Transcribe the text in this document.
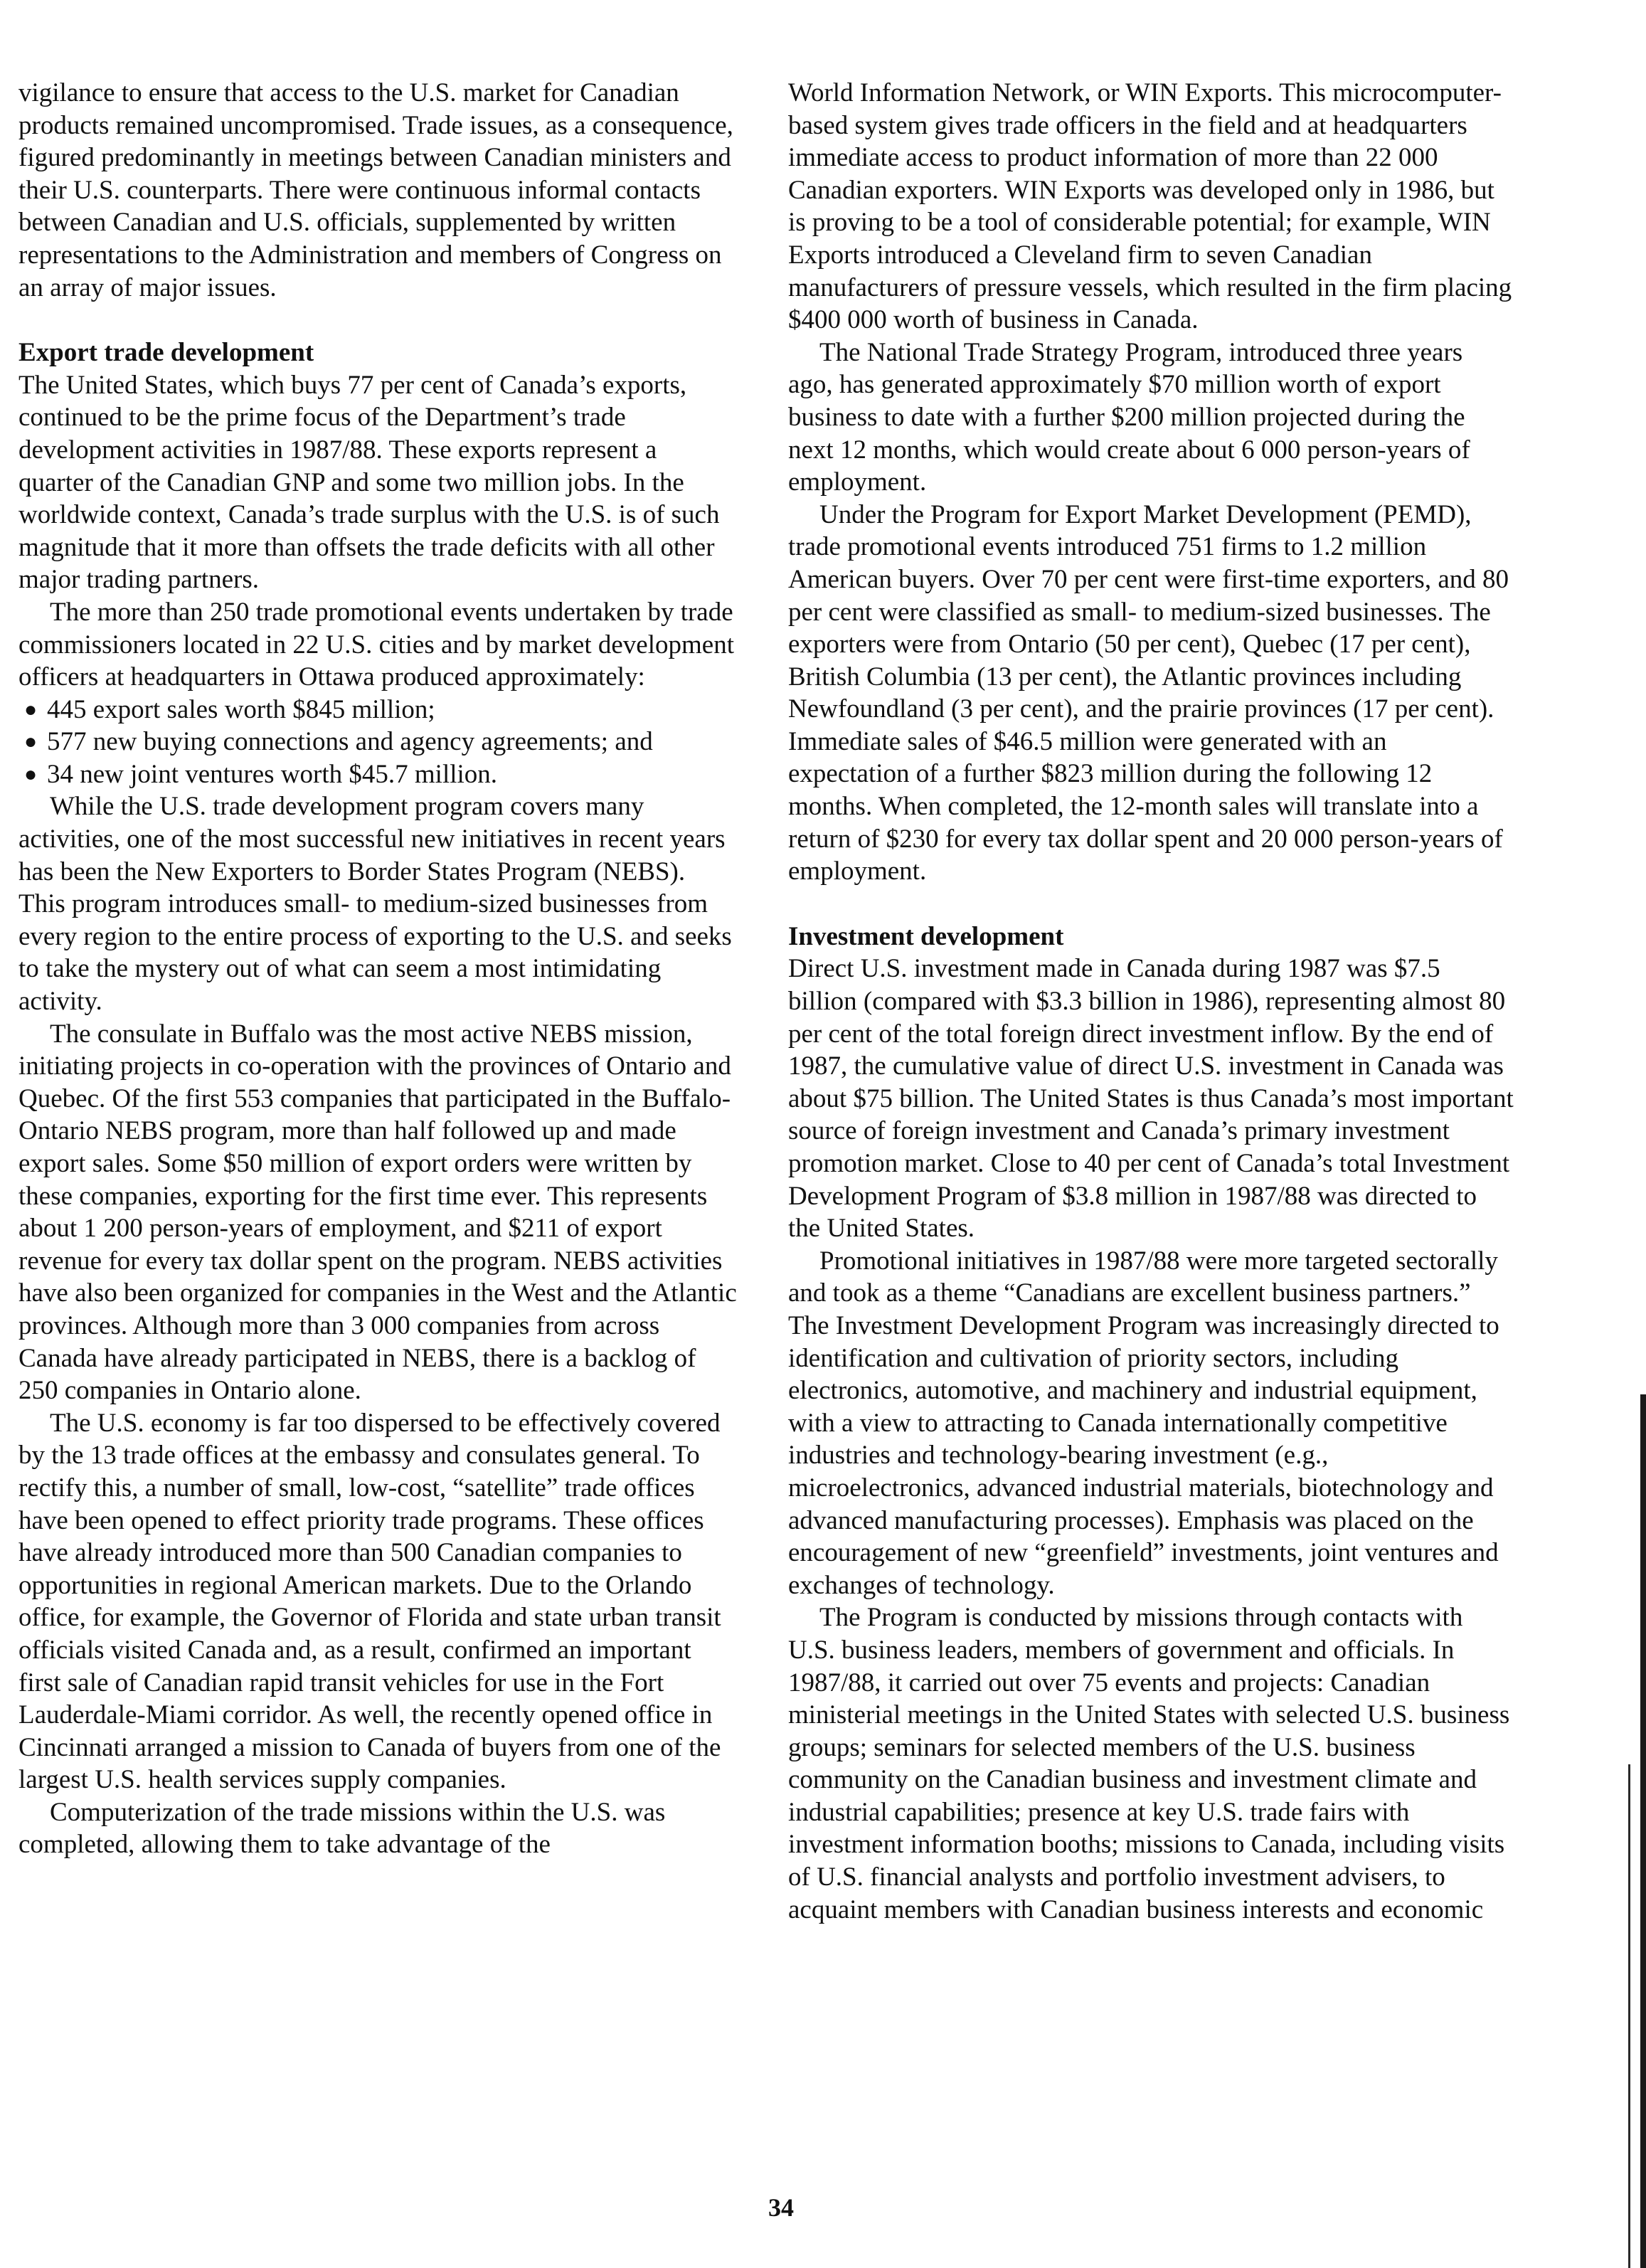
vigilance to ensure that access to the U.S. market for Canadian products remained uncompromised. Trade issues, as a consequence, figured predominantly in meetings between Canadian ministers and their U.S. counterparts. There were continuous informal contacts between Canadian and U.S. officials, supplemented by written representations to the Administration and members of Congress on an array of major issues.

Export trade development

The United States, which buys 77 per cent of Canada’s exports, continued to be the prime focus of the Department’s trade development activities in 1987/88. These exports represent a quarter of the Canadian GNP and some two million jobs. In the worldwide context, Canada’s trade surplus with the U.S. is of such magnitude that it more than offsets the trade deficits with all other major trading partners.

The more than 250 trade promotional events undertaken by trade commissioners located in 22 U.S. cities and by market development officers at headquarters in Ottawa produced approximately:

● 445 export sales worth $845 million;
● 577 new buying connections and agency agreements; and
● 34 new joint ventures worth $45.7 million.

While the U.S. trade development program covers many activities, one of the most successful new initiatives in recent years has been the New Exporters to Border States Program (NEBS). This program introduces small- to medium-sized businesses from every region to the entire process of exporting to the U.S. and seeks to take the mystery out of what can seem a most intimidating activity.

The consulate in Buffalo was the most active NEBS mission, initiating projects in co-operation with the provinces of Ontario and Quebec. Of the first 553 companies that participated in the Buffalo-Ontario NEBS program, more than half followed up and made export sales. Some $50 million of export orders were written by these companies, exporting for the first time ever. This represents about 1 200 person-years of employment, and $211 of export revenue for every tax dollar spent on the program. NEBS activities have also been organized for companies in the West and the Atlantic provinces. Although more than 3 000 companies from across Canada have already participated in NEBS, there is a backlog of 250 companies in Ontario alone.

The U.S. economy is far too dispersed to be effectively covered by the 13 trade offices at the embassy and consulates general. To rectify this, a number of small, low-cost, “satellite” trade offices have been opened to effect priority trade programs. These offices have already introduced more than 500 Canadian companies to opportunities in regional American markets. Due to the Orlando office, for example, the Governor of Florida and state urban transit officials visited Canada and, as a result, confirmed an important first sale of Canadian rapid transit vehicles for use in the Fort Lauderdale-Miami corridor. As well, the recently opened office in Cincinnati arranged a mission to Canada of buyers from one of the largest U.S. health services supply companies.

Computerization of the trade missions within the U.S. was completed, allowing them to take advantage of the

World Information Network, or WIN Exports. This microcomputer-based system gives trade officers in the field and at headquarters immediate access to product information of more than 22 000 Canadian exporters. WIN Exports was developed only in 1986, but is proving to be a tool of considerable potential; for example, WIN Exports introduced a Cleveland firm to seven Canadian manufacturers of pressure vessels, which resulted in the firm placing $400 000 worth of business in Canada.

The National Trade Strategy Program, introduced three years ago, has generated approximately $70 million worth of export business to date with a further $200 million projected during the next 12 months, which would create about 6 000 person-years of employment.

Under the Program for Export Market Development (PEMD), trade promotional events introduced 751 firms to 1.2 million American buyers. Over 70 per cent were first-time exporters, and 80 per cent were classified as small- to medium-sized businesses. The exporters were from Ontario (50 per cent), Quebec (17 per cent), British Columbia (13 per cent), the Atlantic provinces including Newfoundland (3 per cent), and the prairie provinces (17 per cent). Immediate sales of $46.5 million were generated with an expectation of a further $823 million during the following 12 months. When completed, the 12-month sales will translate into a return of $230 for every tax dollar spent and 20 000 person-years of employment.

Investment development

Direct U.S. investment made in Canada during 1987 was $7.5 billion (compared with $3.3 billion in 1986), representing almost 80 per cent of the total foreign direct investment inflow. By the end of 1987, the cumulative value of direct U.S. investment in Canada was about $75 billion. The United States is thus Canada’s most important source of foreign investment and Canada’s primary investment promotion market. Close to 40 per cent of Canada’s total Investment Development Program of $3.8 million in 1987/88 was directed to the United States.

Promotional initiatives in 1987/88 were more targeted sectorally and took as a theme “Canadians are excellent business partners.” The Investment Development Program was increasingly directed to identification and cultivation of priority sectors, including electronics, automotive, and machinery and industrial equipment, with a view to attracting to Canada internationally competitive industries and technology-bearing investment (e.g., microelectronics, advanced industrial materials, biotechnology and advanced manufacturing processes). Emphasis was placed on the encouragement of new “greenfield” investments, joint ventures and exchanges of technology.

The Program is conducted by missions through contacts with U.S. business leaders, members of government and officials. In 1987/88, it carried out over 75 events and projects: Canadian ministerial meetings in the United States with selected U.S. business groups; seminars for selected members of the U.S. business community on the Canadian business and investment climate and industrial capabilities; presence at key U.S. trade fairs with investment information booths; missions to Canada, including visits of U.S. financial analysts and portfolio investment advisers, to acquaint members with Canadian business interests and economic

34
